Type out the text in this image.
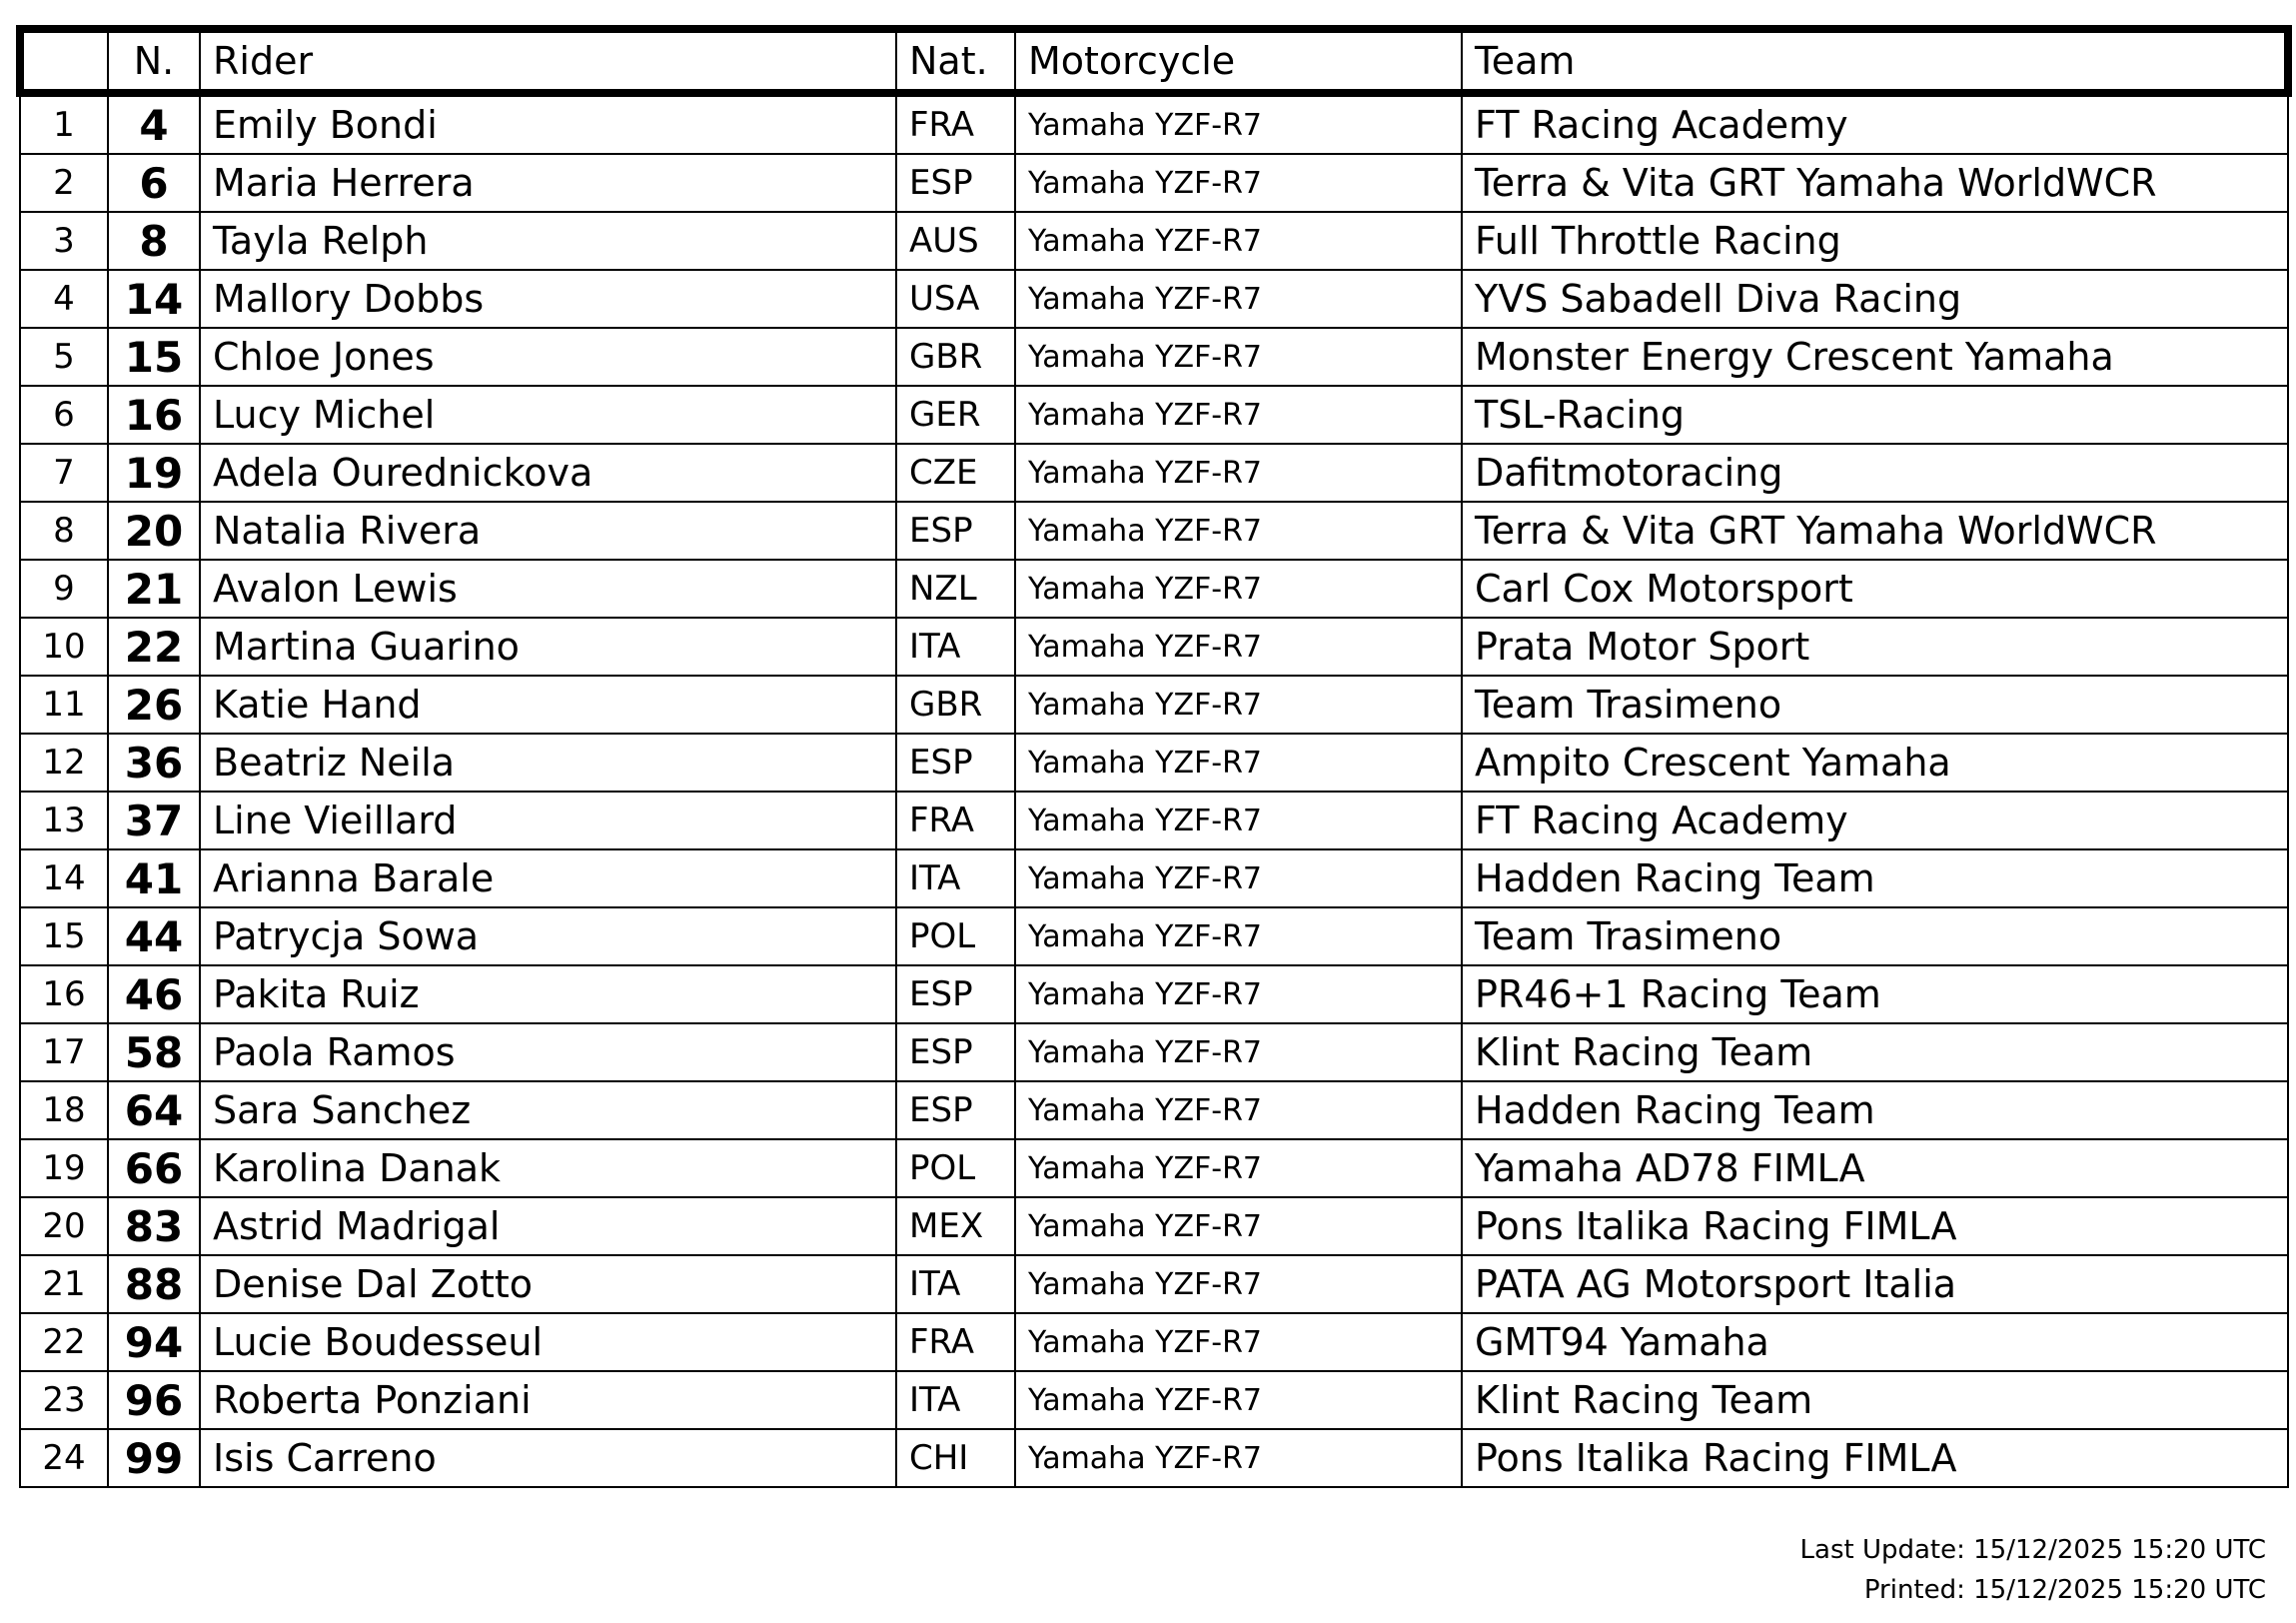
	N.	Rider	Nat.	Motorcycle	Team
1	4	Emily Bondi	FRA	Yamaha YZF-R7	FT Racing Academy
2	6	Maria Herrera	ESP	Yamaha YZF-R7	Terra & Vita GRT Yamaha WorldWCR
3	8	Tayla Relph	AUS	Yamaha YZF-R7	Full Throttle Racing
4	14	Mallory Dobbs	USA	Yamaha YZF-R7	YVS Sabadell Diva Racing
5	15	Chloe Jones	GBR	Yamaha YZF-R7	Monster Energy Crescent Yamaha
6	16	Lucy Michel	GER	Yamaha YZF-R7	TSL-Racing
7	19	Adela Ourednickova	CZE	Yamaha YZF-R7	Dafitmotoracing
8	20	Natalia Rivera	ESP	Yamaha YZF-R7	Terra & Vita GRT Yamaha WorldWCR
9	21	Avalon Lewis	NZL	Yamaha YZF-R7	Carl Cox Motorsport
10	22	Martina Guarino	ITA	Yamaha YZF-R7	Prata Motor Sport
11	26	Katie Hand	GBR	Yamaha YZF-R7	Team Trasimeno
12	36	Beatriz Neila	ESP	Yamaha YZF-R7	Ampito Crescent Yamaha
13	37	Line Vieillard	FRA	Yamaha YZF-R7	FT Racing Academy
14	41	Arianna Barale	ITA	Yamaha YZF-R7	Hadden Racing Team
15	44	Patrycja Sowa	POL	Yamaha YZF-R7	Team Trasimeno
16	46	Pakita Ruiz	ESP	Yamaha YZF-R7	PR46+1 Racing Team
17	58	Paola Ramos	ESP	Yamaha YZF-R7	Klint Racing Team
18	64	Sara Sanchez	ESP	Yamaha YZF-R7	Hadden Racing Team
19	66	Karolina Danak	POL	Yamaha YZF-R7	Yamaha AD78 FIMLA
20	83	Astrid Madrigal	MEX	Yamaha YZF-R7	Pons Italika Racing FIMLA
21	88	Denise Dal Zotto	ITA	Yamaha YZF-R7	PATA AG Motorsport Italia
22	94	Lucie Boudesseul	FRA	Yamaha YZF-R7	GMT94 Yamaha
23	96	Roberta Ponziani	ITA	Yamaha YZF-R7	Klint Racing Team
24	99	Isis Carreno	CHI	Yamaha YZF-R7	Pons Italika Racing FIMLA
Last Update: 15/12/2025 15:20 UTC
Printed: 15/12/2025 15:20 UTC
